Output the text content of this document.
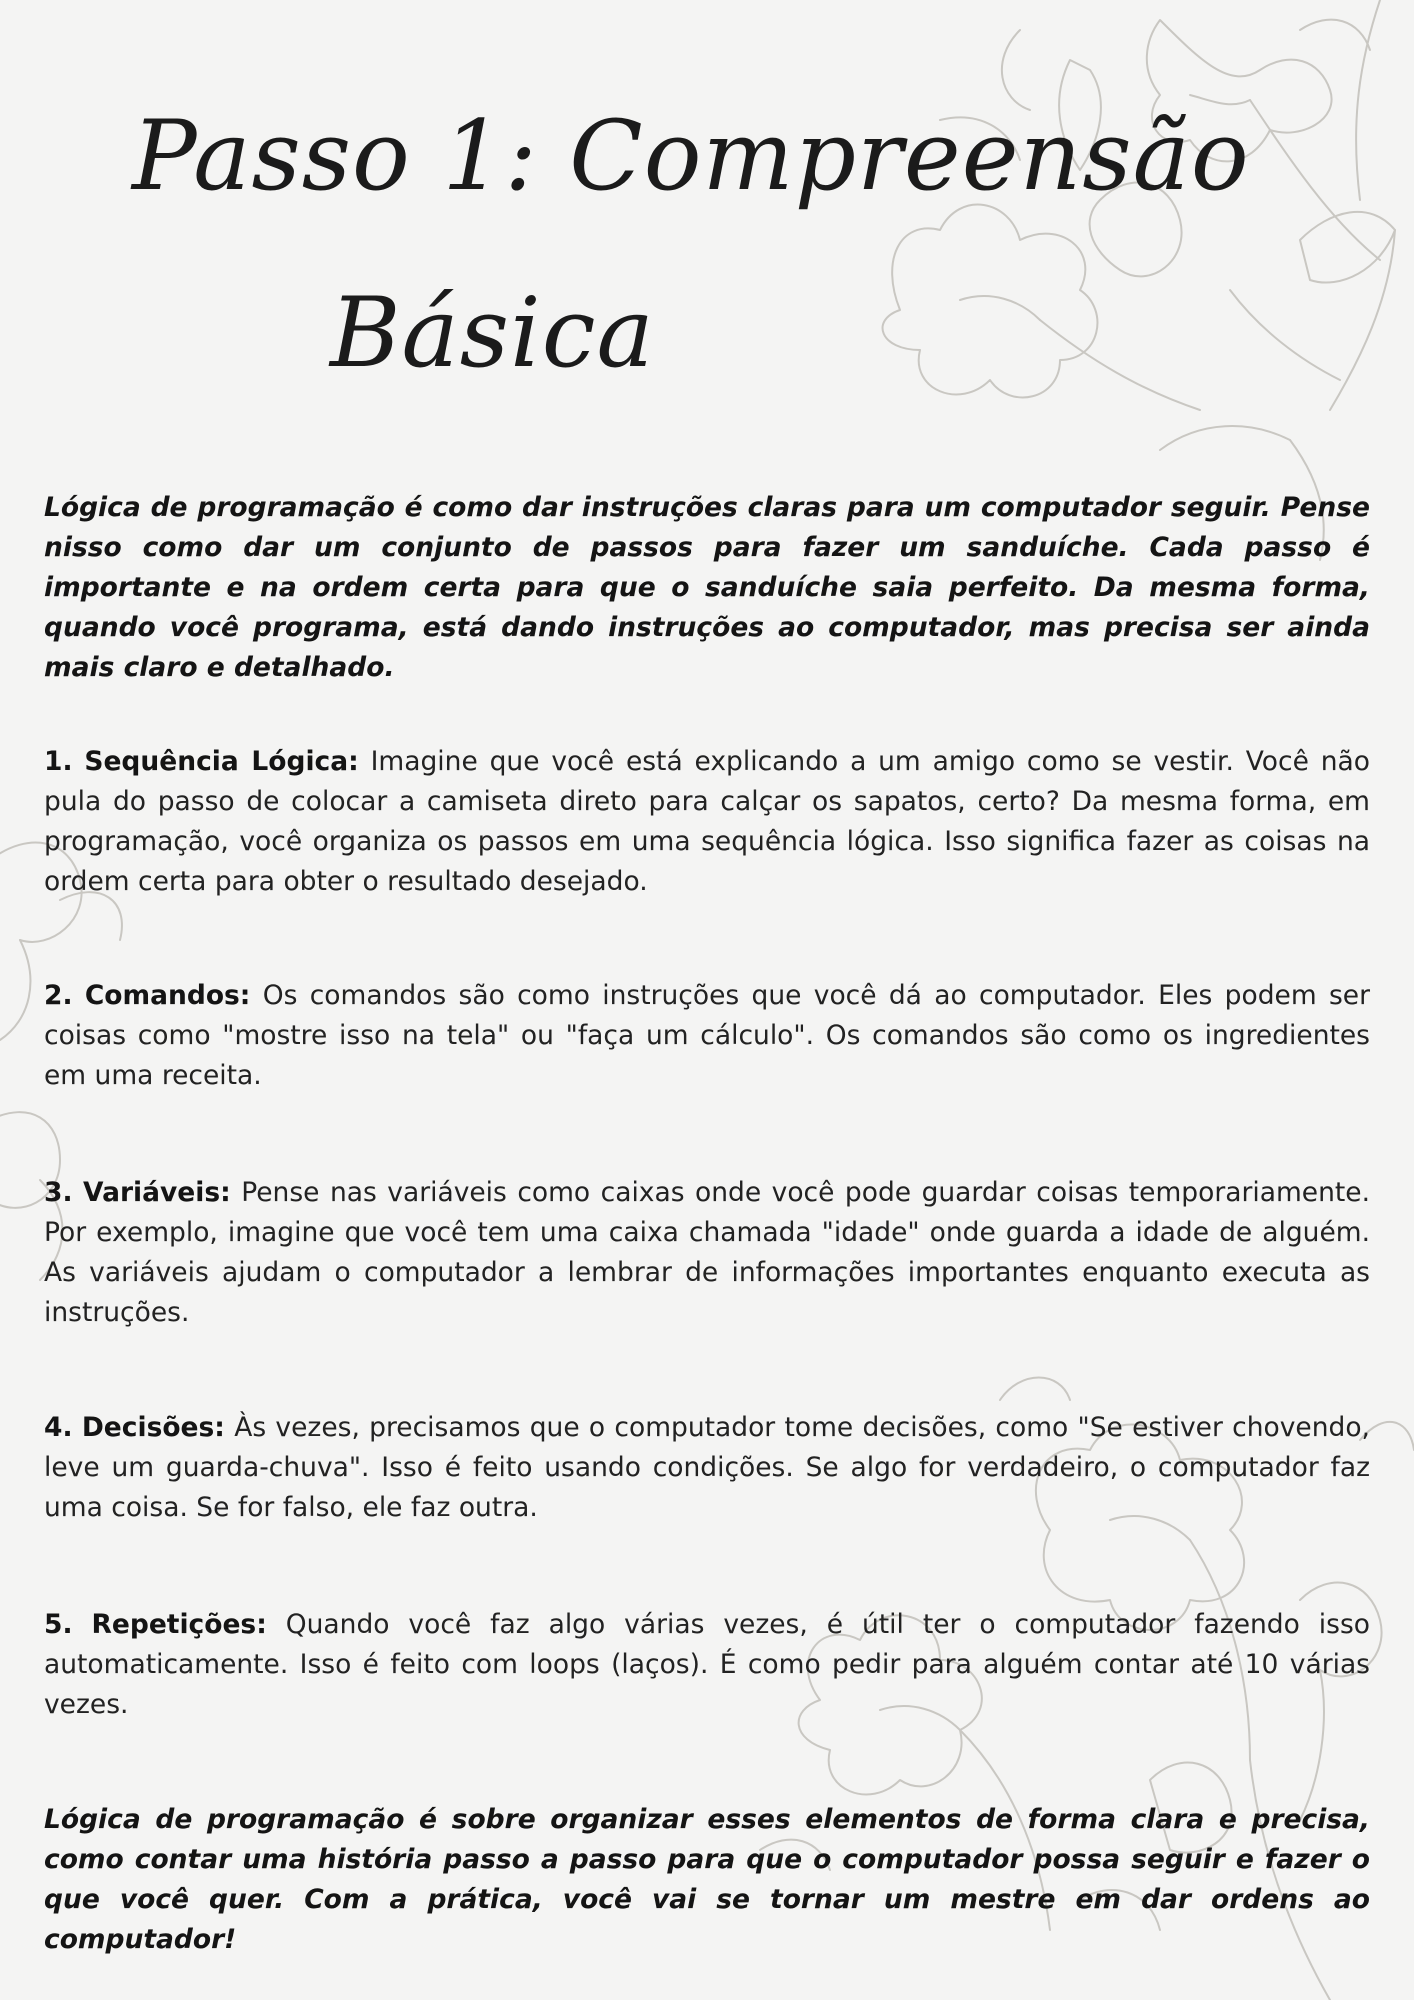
Passo 1: Compreensão
Básica

Lógica de programação é como dar instruções claras para um computador seguir. Pense nisso como dar um conjunto de passos para fazer um sanduíche. Cada passo é importante e na ordem certa para que o sanduíche saia perfeito. Da mesma forma, quando você programa, está dando instruções ao computador, mas precisa ser ainda mais claro e detalhado.

1. Sequência Lógica: Imagine que você está explicando a um amigo como se vestir. Você não pula do passo de colocar a camiseta direto para calçar os sapatos, certo? Da mesma forma, em programação, você organiza os passos em uma sequência lógica. Isso significa fazer as coisas na ordem certa para obter o resultado desejado.

2. Comandos: Os comandos são como instruções que você dá ao computador. Eles podem ser coisas como "mostre isso na tela" ou "faça um cálculo". Os comandos são como os ingredientes em uma receita.

3. Variáveis: Pense nas variáveis como caixas onde você pode guardar coisas temporariamente. Por exemplo, imagine que você tem uma caixa chamada "idade" onde guarda a idade de alguém. As variáveis ajudam o computador a lembrar de informações importantes enquanto executa as instruções.

4. Decisões: Às vezes, precisamos que o computador tome decisões, como "Se estiver chovendo, leve um guarda-chuva". Isso é feito usando condições. Se algo for verdadeiro, o computador faz uma coisa. Se for falso, ele faz outra.

5. Repetições: Quando você faz algo várias vezes, é útil ter o computador fazendo isso automaticamente. Isso é feito com loops (laços). É como pedir para alguém contar até 10 várias vezes.

Lógica de programação é sobre organizar esses elementos de forma clara e precisa, como contar uma história passo a passo para que o computador possa seguir e fazer o que você quer. Com a prática, você vai se tornar um mestre em dar ordens ao computador!
